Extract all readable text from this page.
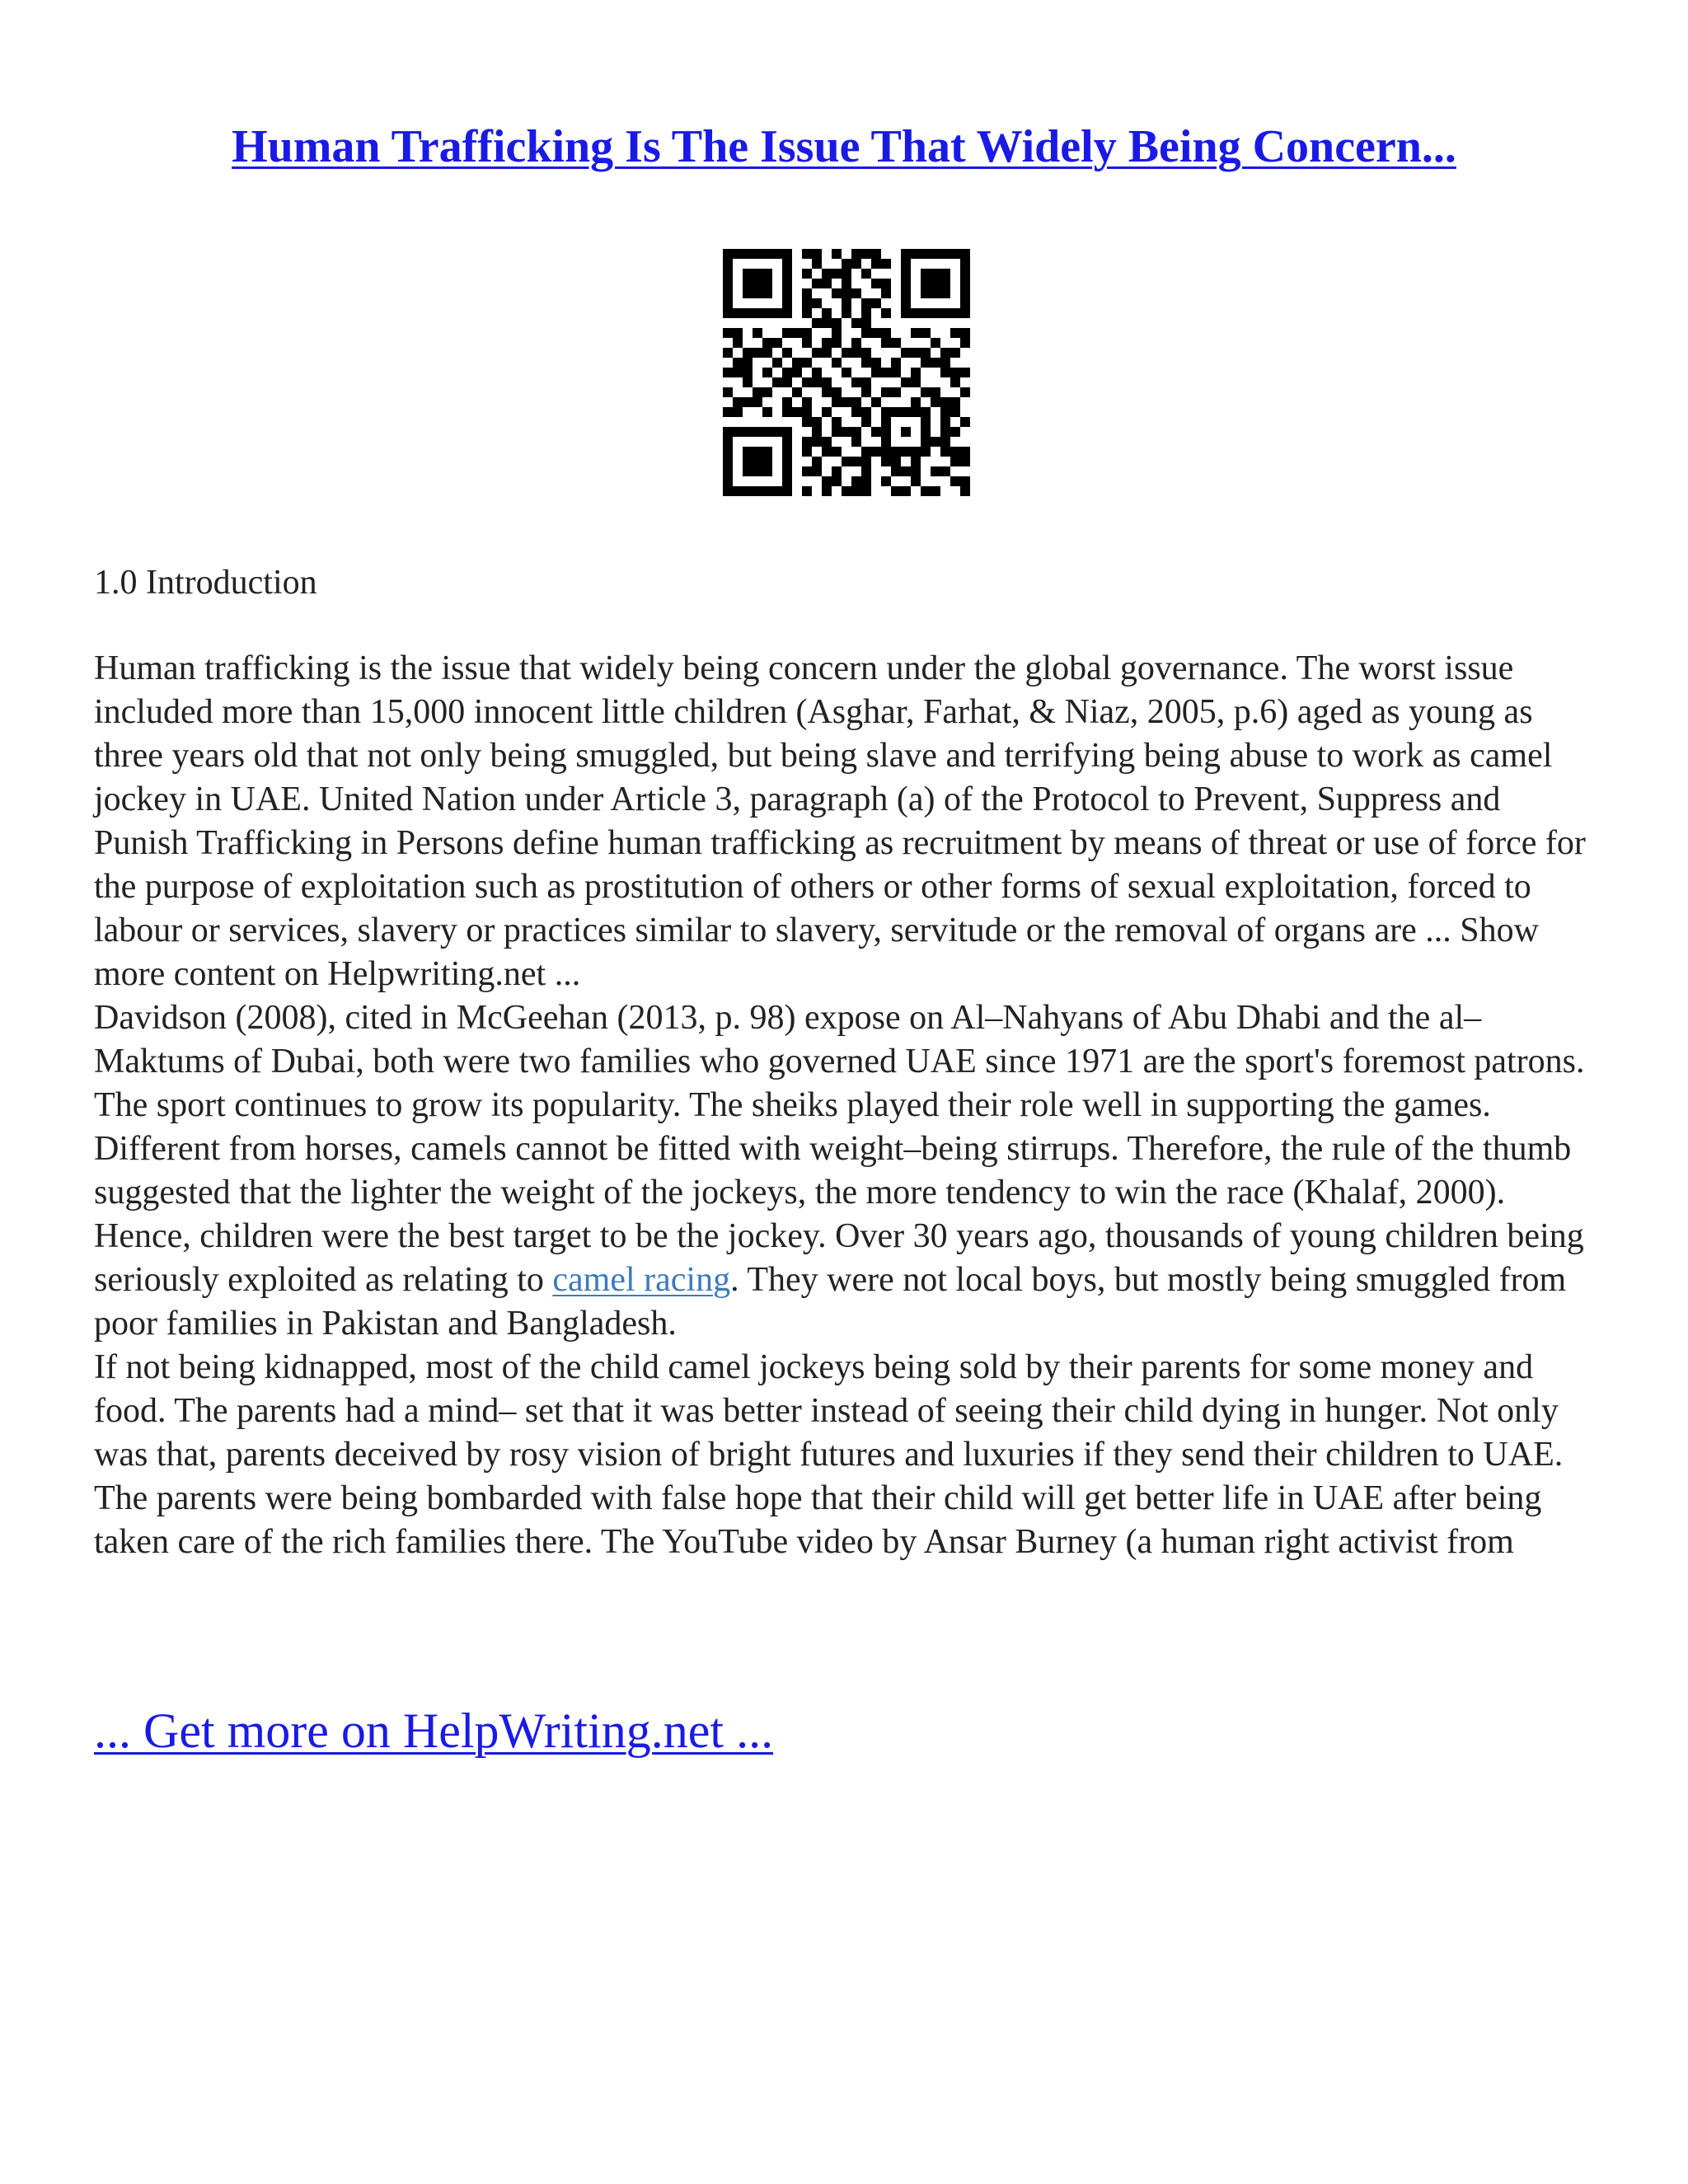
Human Trafficking Is The Issue That Widely Being Concern...
1.0 Introduction

Human trafficking is the issue that widely being concern under the global governance. The worst issue included more than 15,000 innocent little children (Asghar, Farhat, & Niaz, 2005, p.6) aged as young as three years old that not only being smuggled, but being slave and terrifying being abuse to work as camel jockey in UAE. United Nation under Article 3, paragraph (a) of the Protocol to Prevent, Suppress and Punish Trafficking in Persons define human trafficking as recruitment by means of threat or use of force for the purpose of exploitation such as prostitution of others or other forms of sexual exploitation, forced to labour or services, slavery or practices similar to slavery, servitude or the removal of organs are ... Show more content on Helpwriting.net ...

Davidson (2008), cited in McGeehan (2013, p. 98) expose on Al–Nahyans of Abu Dhabi and the al–Maktums of Dubai, both were two families who governed UAE since 1971 are the sport's foremost patrons. The sport continues to grow its popularity. The sheiks played their role well in supporting the games.

Different from horses, camels cannot be fitted with weight–being stirrups. Therefore, the rule of the thumb suggested that the lighter the weight of the jockeys, the more tendency to win the race (Khalaf, 2000). Hence, children were the best target to be the jockey. Over 30 years ago, thousands of young children being seriously exploited as relating to camel racing. They were not local boys, but mostly being smuggled from poor families in Pakistan and Bangladesh.

If not being kidnapped, most of the child camel jockeys being sold by their parents for some money and food. The parents had a mind– set that it was better instead of seeing their child dying in hunger. Not only was that, parents deceived by rosy vision of bright futures and luxuries if they send their children to UAE. The parents were being bombarded with false hope that their child will get better life in UAE after being taken care of the rich families there. The YouTube video by Ansar Burney (a human right activist from

... Get more on HelpWriting.net ...
